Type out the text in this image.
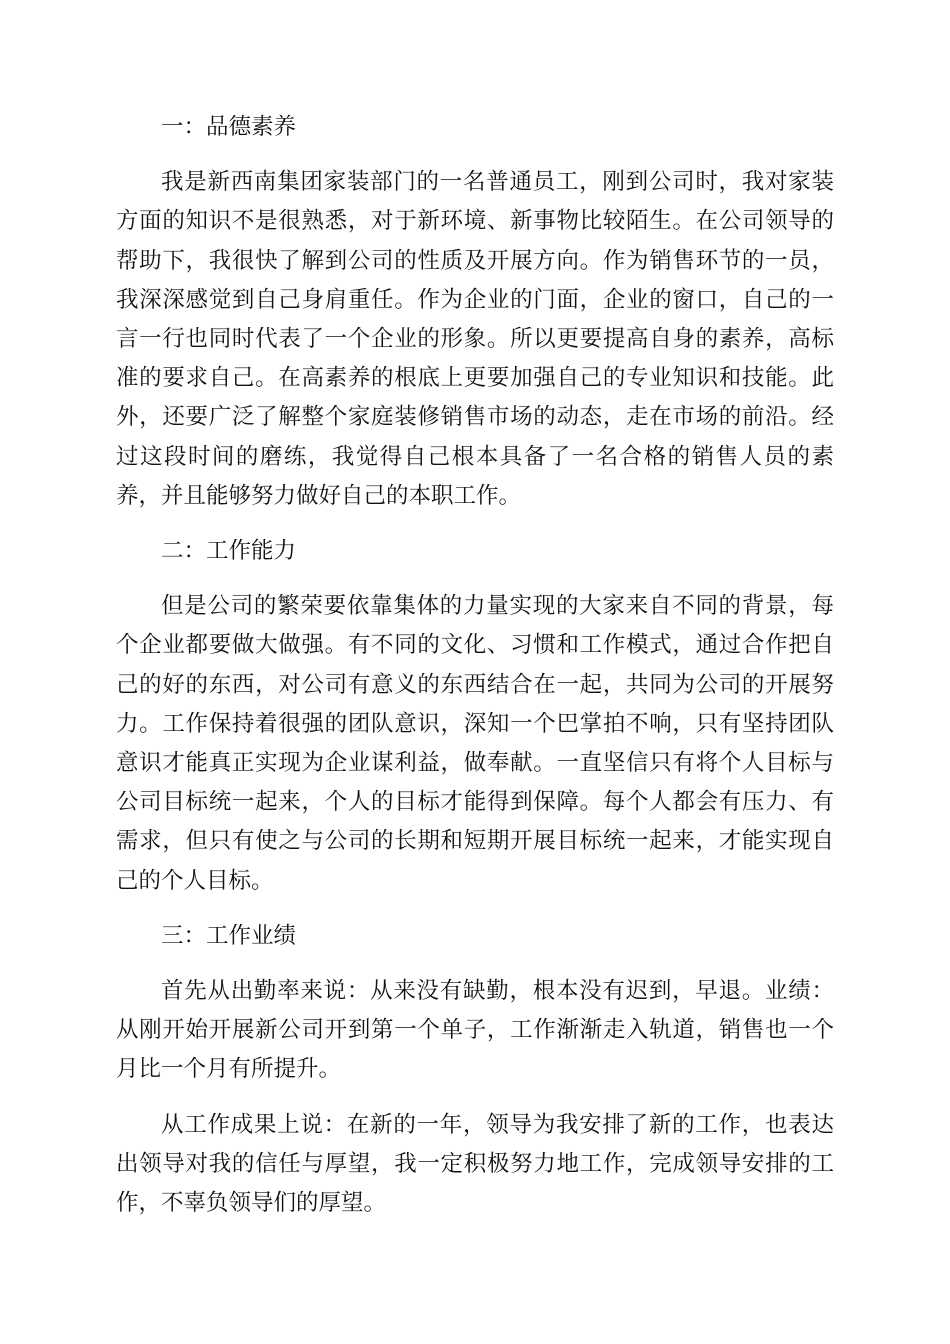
一：品德素养

我是新西南集团家装部门的一名普通员工，刚到公司时，我对家装方面的知识不是很熟悉，对于新环境、新事物比较陌生。在公司领导的帮助下，我很快了解到公司的性质及开展方向。作为销售环节的一员，我深深感觉到自己身肩重任。作为企业的门面，企业的窗口，自己的一言一行也同时代表了一个企业的形象。所以更要提高自身的素养，高标准的要求自己。在高素养的根底上更要加强自己的专业知识和技能。此外，还要广泛了解整个家庭装修销售市场的动态，走在市场的前沿。经过这段时间的磨练，我觉得自己根本具备了一名合格的销售人员的素养，并且能够努力做好自己的本职工作。

二：工作能力

但是公司的繁荣要依靠集体的力量实现的大家来自不同的背景，每个企业都要做大做强。有不同的文化、习惯和工作模式，通过合作把自己的好的东西，对公司有意义的东西结合在一起，共同为公司的开展努力。工作保持着很强的团队意识，深知一个巴掌拍不响，只有坚持团队意识才能真正实现为企业谋利益，做奉献。一直坚信只有将个人目标与公司目标统一起来，个人的目标才能得到保障。每个人都会有压力、有需求，但只有使之与公司的长期和短期开展目标统一起来，才能实现自己的个人目标。

三：工作业绩

首先从出勤率来说：从来没有缺勤，根本没有迟到，早退。业绩：从刚开始开展新公司开到第一个单子，工作渐渐走入轨道，销售也一个月比一个月有所提升。

从工作成果上说：在新的一年，领导为我安排了新的工作，也表达出领导对我的信任与厚望，我一定积极努力地工作，完成领导安排的工作，不辜负领导们的厚望。
